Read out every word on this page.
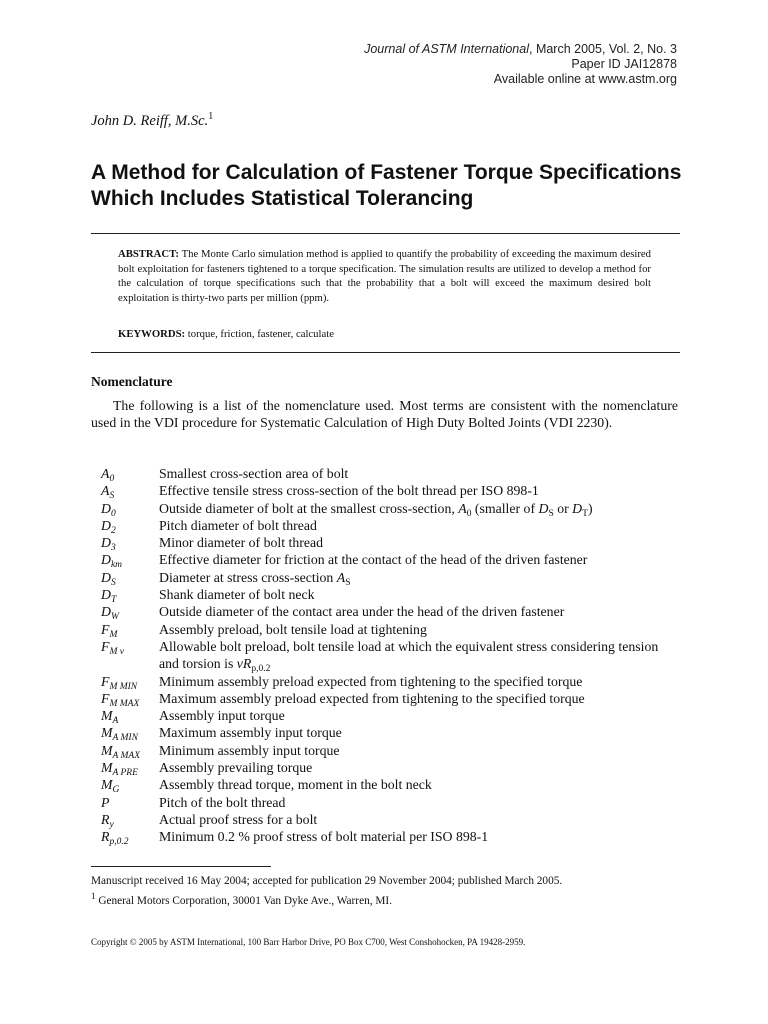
Journal of ASTM International, March 2005, Vol. 2, No. 3
Paper ID JAI12878
Available online at www.astm.org
John D. Reiff, M.Sc.$^1$
A Method for Calculation of Fastener Torque Specifications Which Includes Statistical Tolerancing

ABSTRACT: The Monte Carlo simulation method is applied to quantify the probability of exceeding the maximum desired bolt exploitation for fasteners tightened to a torque specification. The simulation results are utilized to develop a method for the calculation of torque specifications such that the probability that a bolt will exceed the maximum desired bolt exploitation is thirty-two parts per million (ppm).

KEYWORDS: torque, friction, fastener, calculate

Nomenclature

The following is a list of the nomenclature used. Most terms are consistent with the nomenclature used in the VDI procedure for Systematic Calculation of High Duty Bolted Joints (VDI 2230).

$A_0$	Smallest cross-section area of bolt
$A_S$	Effective tensile stress cross-section of the bolt thread per ISO 898-1
$D_0$	Outside diameter of bolt at the smallest cross-section, $A_0$ (smaller of $D_S$ or $D_T$)
$D_2$	Pitch diameter of bolt thread
$D_3$	Minor diameter of bolt thread
$D_{km}$	Effective diameter for friction at the contact of the head of the driven fastener
$D_S$	Diameter at stress cross-section $A_S$
$D_T$	Shank diameter of bolt neck
$D_W$	Outside diameter of the contact area under the head of the driven fastener
$F_M$	Assembly preload, bolt tensile load at tightening
$F_{M \nu}$	Allowable bolt preload, bolt tensile load at which the equivalent stress considering tension and torsion is $\nu R_{p,0.2}$
$F_{M MIN}$	Minimum assembly preload expected from tightening to the specified torque
$F_{M MAX}$	Maximum assembly preload expected from tightening to the specified torque
$M_A$	Assembly input torque
$M_{A MIN}$	Maximum assembly input torque
$M_{A MAX}$	Minimum assembly input torque
$M_{A PRE}$	Assembly prevailing torque
$M_G$	Assembly thread torque, moment in the bolt neck
P	Pitch of the bolt thread
$R_y$	Actual proof stress for a bolt
$R_{p,0.2}$	Minimum 0.2 % proof stress of bolt material per ISO 898-1
Manuscript received 16 May 2004; accepted for publication 29 November 2004; published March 2005.
$^1$ General Motors Corporation, 30001 Van Dyke Ave., Warren, MI.
Copyright © 2005 by ASTM International, 100 Barr Harbor Drive, PO Box C700, West Conshohocken, PA 19428-2959.
